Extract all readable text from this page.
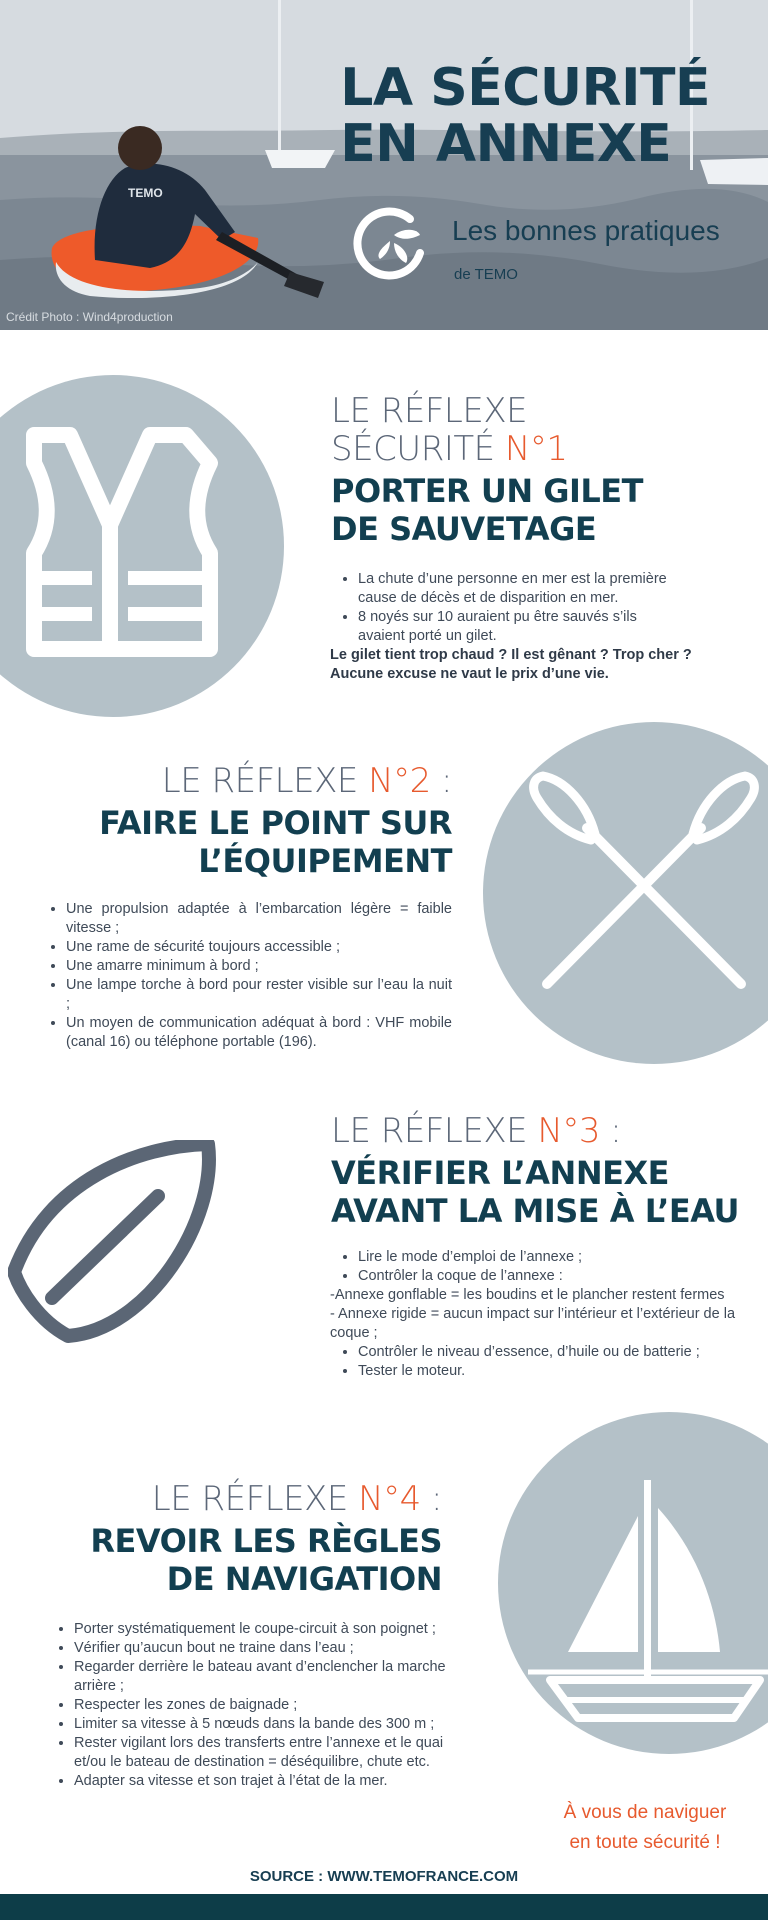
TEMO
LA SÉCURITÉ
EN ANNEXE
Les bonnes pratiques
de TEMO
Crédit Photo : Wind4production
LE RÉFLEXE
SÉCURITÉ N°1
PORTER UN GILET
DE SAUVETAGE
• La chute d’une personne en mer est la première cause de décès et de disparition en mer.
• 8 noyés sur 10 auraient pu être sauvés s’ils avaient porté un gilet.
Le gilet tient trop chaud ? Il est gênant ? Trop cher ?
Aucune excuse ne vaut le prix d’une vie.
LE RÉFLEXE N°2 :
FAIRE LE POINT SUR
L’ÉQUIPEMENT
• Une propulsion adaptée à l’embarcation légère = faible vitesse ;
• Une rame de sécurité toujours accessible ;
• Une amarre minimum à bord ;
• Une lampe torche à bord pour rester visible sur l’eau la nuit ;
• Un moyen de communication adéquat à bord : VHF mobile (canal 16) ou téléphone portable (196).
LE RÉFLEXE N°3 :
VÉRIFIER L’ANNEXE
AVANT LA MISE À L’EAU
• Lire le mode d’emploi de l’annexe ;
• Contrôler la coque de l’annexe :
-Annexe gonflable = les boudins et le plancher restent fermes
- Annexe rigide = aucun impact sur l’intérieur et l’extérieur de la coque ;
• Contrôler le niveau d’essence, d’huile ou de batterie ;
• Tester le moteur.
LE RÉFLEXE N°4 :
REVOIR LES RÈGLES
DE NAVIGATION
• Porter systématiquement le coupe-circuit à son poignet ;
• Vérifier qu’aucun bout ne traine dans l’eau ;
• Regarder derrière le bateau avant d’enclencher la marche arrière ;
• Respecter les zones de baignade ;
• Limiter sa vitesse à 5 nœuds dans la bande des 300 m ;
• Rester vigilant lors des transferts entre l’annexe et le quai et/ou le bateau de destination = déséquilibre, chute etc.
• Adapter sa vitesse et son trajet à l’état de la mer.
À vous de naviguer
en toute sécurité !
SOURCE : WWW.TEMOFRANCE.COM
